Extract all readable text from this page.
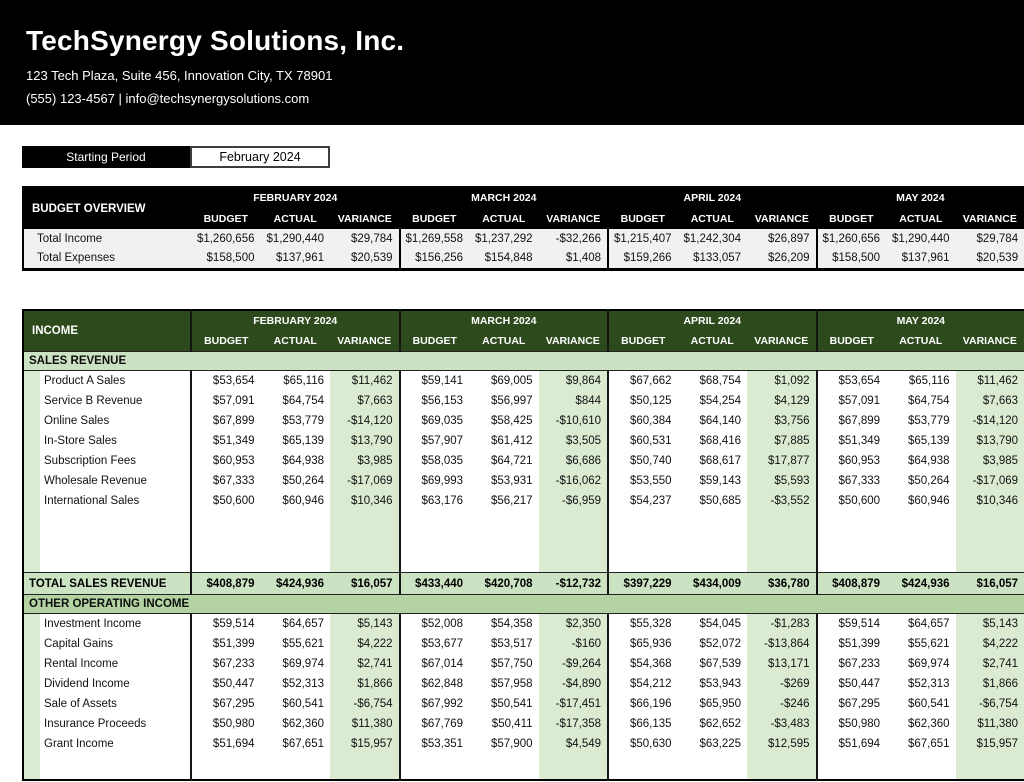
TechSynergy Solutions, Inc.
123 Tech Plaza, Suite 456, Innovation City, TX 78901
(555) 123-4567 | info@techsynergysolutions.com
Starting Period	February 2024
BUDGET OVERVIEW	FEBRUARY 2024			MARCH 2024			APRIL 2024			MAY 2024		
	BUDGET	ACTUAL	VARIANCE	BUDGET	ACTUAL	VARIANCE	BUDGET	ACTUAL	VARIANCE	BUDGET	ACTUAL	VARIANCE
Total Income	$1,260,656	$1,290,440	$29,784	$1,269,558	$1,237,292	-$32,266	$1,215,407	$1,242,304	$26,897	$1,260,656	$1,290,440	$29,784
Total Expenses	$158,500	$137,961	$20,539	$156,256	$154,848	$1,408	$159,266	$133,057	$26,209	$158,500	$137,961	$20,539
INCOME	FEBRUARY 2024			MARCH 2024			APRIL 2024			MAY 2024		
	BUDGET	ACTUAL	VARIANCE	BUDGET	ACTUAL	VARIANCE	BUDGET	ACTUAL	VARIANCE	BUDGET	ACTUAL	VARIANCE
SALES REVENUE												
Product A Sales	$53,654	$65,116	$11,462	$59,141	$69,005	$9,864	$67,662	$68,754	$1,092	$53,654	$65,116	$11,462
Service B Revenue	$57,091	$64,754	$7,663	$56,153	$56,997	$844	$50,125	$54,254	$4,129	$57,091	$64,754	$7,663
Online Sales	$67,899	$53,779	-$14,120	$69,035	$58,425	-$10,610	$60,384	$64,140	$3,756	$67,899	$53,779	-$14,120
In-Store Sales	$51,349	$65,139	$13,790	$57,907	$61,412	$3,505	$60,531	$68,416	$7,885	$51,349	$65,139	$13,790
Subscription Fees	$60,953	$64,938	$3,985	$58,035	$64,721	$6,686	$50,740	$68,617	$17,877	$60,953	$64,938	$3,985
Wholesale Revenue	$67,333	$50,264	-$17,069	$69,993	$53,931	-$16,062	$53,550	$59,143	$5,593	$67,333	$50,264	-$17,069
International Sales	$50,600	$60,946	$10,346	$63,176	$56,217	-$6,959	$54,237	$50,685	-$3,552	$50,600	$60,946	$10,346

TOTAL SALES REVENUE	$408,879	$424,936	$16,057	$433,440	$420,708	-$12,732	$397,229	$434,009	$36,780	$408,879	$424,936	$16,057
OTHER OPERATING INCOME												
Investment Income	$59,514	$64,657	$5,143	$52,008	$54,358	$2,350	$55,328	$54,045	-$1,283	$59,514	$64,657	$5,143
Capital Gains	$51,399	$55,621	$4,222	$53,677	$53,517	-$160	$65,936	$52,072	-$13,864	$51,399	$55,621	$4,222
Rental Income	$67,233	$69,974	$2,741	$67,014	$57,750	-$9,264	$54,368	$67,539	$13,171	$67,233	$69,974	$2,741
Dividend Income	$50,447	$52,313	$1,866	$62,848	$57,958	-$4,890	$54,212	$53,943	-$269	$50,447	$52,313	$1,866
Sale of Assets	$67,295	$60,541	-$6,754	$67,992	$50,541	-$17,451	$66,196	$65,950	-$246	$67,295	$60,541	-$6,754
Insurance Proceeds	$50,980	$62,360	$11,380	$67,769	$50,411	-$17,358	$66,135	$62,652	-$3,483	$50,980	$62,360	$11,380
Grant Income	$51,694	$67,651	$15,957	$53,351	$57,900	$4,549	$50,630	$63,225	$12,595	$51,694	$67,651	$15,957
